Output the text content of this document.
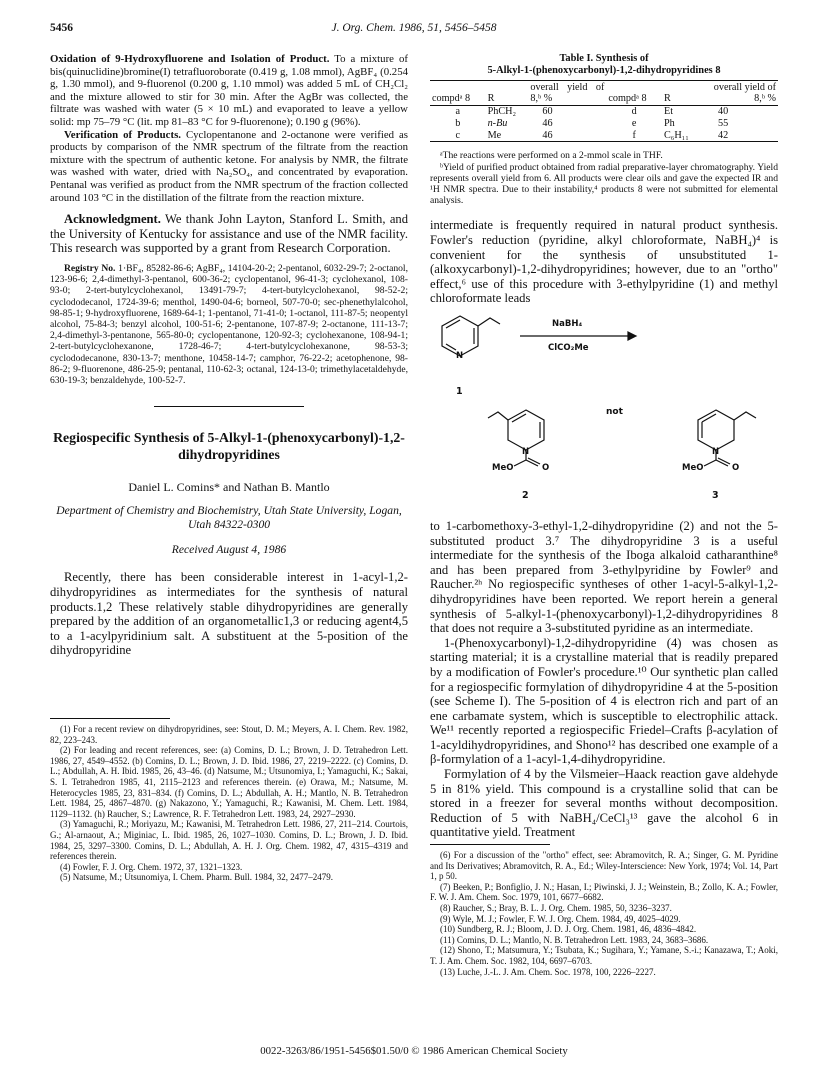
5456	J. Org. Chem. 1986, 51, 5456–5458

Oxidation of 9-Hydroxyfluorene and Isolation of Product. To a mixture of bis(quinuclidine)bromine(I) tetrafluoroborate (0.419 g, 1.08 mmol), AgBF₄ (0.254 g, 1.30 mmol), and 9-fluorenol (0.200 g, 1.10 mmol) was added 5 mL of CH₂Cl₂ and the mixture allowed to stir for 30 min. After the AgBr was collected, the filtrate was washed with water (5 × 10 mL) and evaporated to leave a yellow solid: mp 75–79 °C (lit. mp 81–83 °C for 9-fluorenone); 0.190 g (96%).

Verification of Products. Cyclopentanone and 2-octanone were verified as products by comparison of the NMR spectrum of the filtrate from the reaction mixture with the spectrum of authentic ketone. For analysis by NMR, the filtrate was washed with water, dried with Na₂SO₄, and concentrated by evaporation. Pentanal was verified as product from the NMR spectrum of the fraction collected around 103 °C in the distillation of the filtrate from the reaction mixture.

Acknowledgment. We thank John Layton, Stanford L. Smith, and the University of Kentucky for assistance and use of the NMR facility. This research was supported by a grant from Research Corporation.

Registry No. 1·BF₄, 85282-86-6; AgBF₄, 14104-20-2; 2-pentanol, 6032-29-7; 2-octanol, 123-96-6; 2,4-dimethyl-3-pentanol, 600-36-2; cyclopentanol, 96-41-3; cyclohexanol, 108-93-0; 2-tert-butylcyclohexanol, 13491-79-7; 4-tert-butylcyclohexanol, 98-52-2; cyclododecanol, 1724-39-6; menthol, 1490-04-6; borneol, 507-70-0; sec-phenethylalcohol, 98-85-1; 9-hydroxyfluorene, 1689-64-1; 1-pentanol, 71-41-0; 1-octanol, 111-87-5; neopentyl alcohol, 75-84-3; benzyl alcohol, 100-51-6; 2-pentanone, 107-87-9; 2-octanone, 111-13-7; 2,4-dimethyl-3-pentanone, 565-80-0; cyclopentanone, 120-92-3; cyclohexanone, 108-94-1; 2-tert-butylcyclohexanone, 1728-46-7; 4-tert-butylcyclohexanone, 98-53-3; cyclododecanone, 830-13-7; menthone, 10458-14-7; camphor, 76-22-2; acetophenone, 98-86-2; 9-fluorenone, 486-25-9; pentanal, 110-62-3; octanal, 124-13-0; trimethylacetaldehyde, 630-19-3; benzaldehyde, 100-52-7.

Regiospecific Synthesis of 5-Alkyl-1-(phenoxycarbonyl)-1,2-dihydropyridines
Daniel L. Comins* and Nathan B. Mantlo
Department of Chemistry and Biochemistry, Utah State University, Logan, Utah 84322-0300
Received August 4, 1986

Recently, there has been considerable interest in 1-acyl-1,2-dihydropyridines as intermediates for the synthesis of natural products.1,2 These relatively stable dihydropyridines are generally prepared by the addition of an organometallic1,3 or reducing agent4,5 to a 1-acylpyridinium salt. A substituent at the 5-position of the dihydropyridine

(1) For a recent review on dihydropyridines, see: Stout, D. M.; Meyers, A. I. Chem. Rev. 1982, 82, 223–243.

(2) For leading and recent references, see: (a) Comins, D. L.; Brown, J. D. Tetrahedron Lett. 1986, 27, 4549–4552. (b) Comins, D. L.; Brown, J. D. Ibid. 1986, 27, 2219–2222. (c) Comins, D. L.; Abdullah, A. H. Ibid. 1985, 26, 43–46. (d) Natsume, M.; Utsunomiya, I.; Yamaguchi, K.; Sakai, S. I. Tetrahedron 1985, 41, 2115–2123 and references therein. (e) Orawa, M.; Natsume, M. Heterocycles 1985, 23, 831–834. (f) Comins, D. L.; Abdullah, A. H.; Mantlo, N. B. Tetrahedron Lett. 1984, 25, 4867–4870. (g) Nakazono, Y.; Yamaguchi, R.; Kawanisi, M. Chem. Lett. 1984, 1129–1132. (h) Raucher, S.; Lawrence, R. F. Tetrahedron Lett. 1983, 24, 2927–2930.

(3) Yamaguchi, R.; Moriyazu, M.; Kawanisi, M. Tetrahedron Lett. 1986, 27, 211–214. Courtois, G.; Al-arnaout, A.; Miginiac, L. Ibid. 1985, 26, 1027–1030. Comins, D. L.; Brown, J. D. Ibid. 1984, 25, 3297–3300. Comins, D. L.; Abdullah, A. H. J. Org. Chem. 1982, 47, 4315–4319 and references therein.

(4) Fowler, F. J. Org. Chem. 1972, 37, 1321–1323.

(5) Natsume, M.; Utsunomiya, I. Chem. Pharm. Bull. 1984, 32, 2477–2479.

Table I. Synthesis of
5-Alkyl-1-(phenoxycarbonyl)-1,2-dihydropyridines 8
compdᵃ 8	R	overall yield of 8,ᵇ %	compdᵃ 8	R	overall yield of 8,ᵇ %
a	PhCH₂	60	d	Et	40
b	n-Bu	46	e	Ph	55
c	Me	46	f	C₆H₁₁	42

ᵃThe reactions were performed on a 2-mmol scale in THF.

ᵇYield of purified product obtained from radial preparative-layer chromatography. Yield represents overall yield from 6. All products were clear oils and gave the expected IR and ¹H NMR spectra. Due to their instability,⁴ products 8 were not submitted for elemental analysis.

intermediate is frequently required in natural product synthesis. Fowler's reduction (pyridine, alkyl chloroformate, NaBH₄)⁴ is convenient for the synthesis of unsubstituted 1-(alkoxycarbonyl)-1,2-dihydropyridines; however, due to an "ortho" effect,⁶ use of this procedure with 3-ethylpyridine (1) and methyl chloroformate leads

N
NaBH₄
ClCO₂Me
1
N
MeO	O
not
N
MeO	O
2	3

to 1-carbomethoxy-3-ethyl-1,2-dihydropyridine (2) and not the 5-substituted product 3.⁷ The dihydropyridine 3 is a useful intermediate for the synthesis of the Iboga alkaloid catharanthine⁸ and has been prepared from 3-ethylpyridine by Fowler⁹ and Raucher.²ʰ No regiospecific syntheses of other 1-acyl-5-alkyl-1,2-dihydropyridines have been reported. We report herein a general synthesis of 5-alkyl-1-(phenoxycarbonyl)-1,2-dihydropyridines 8 that does not require a 3-substituted pyridine as an intermediate.

1-(Phenoxycarbonyl)-1,2-dihydropyridine (4) was chosen as starting material; it is a crystalline material that is readily prepared by a modification of Fowler's procedure.¹⁰ Our synthetic plan called for a regiospecific formylation of dihydropyridine 4 at the 5-position (see Scheme I). The 5-position of 4 is electron rich and part of an ene carbamate system, which is susceptible to electrophilic attack. We¹¹ recently reported a regiospecific Friedel–Crafts β-acylation of 1-acyldihydropyridines, and Shono¹² has described one example of a β-formylation of a 1-acyl-1,4-dihydropyridine.

Formylation of 4 by the Vilsmeier–Haack reaction gave aldehyde 5 in 81% yield. This compound is a crystalline solid that can be stored in a freezer for several months without decomposition. Reduction of 5 with NaBH₄/CeCl₃¹³ gave the alcohol 6 in quantitative yield. Treatment

(6) For a discussion of the "ortho" effect, see: Abramovitch, R. A.; Singer, G. M. Pyridine and Its Derivatives; Abramovitch, R. A., Ed.; Wiley-Interscience: New York, 1974; Vol. 14, Part 1, p 50.

(7) Beeken, P.; Bonfiglio, J. N.; Hasan, I.; Piwinski, J. J.; Weinstein, B.; Zollo, K. A.; Fowler, F. W. J. Am. Chem. Soc. 1979, 101, 6677–6682.

(8) Raucher, S.; Bray, B. L. J. Org. Chem. 1985, 50, 3236–3237.

(9) Wyle, M. J.; Fowler, F. W. J. Org. Chem. 1984, 49, 4025–4029.

(10) Sundberg, R. J.; Bloom, J. D. J. Org. Chem. 1981, 46, 4836–4842.

(11) Comins, D. L.; Mantlo, N. B. Tetrahedron Lett. 1983, 24, 3683–3686.

(12) Shono, T.; Matsumura, Y.; Tsubata, K.; Sugihara, Y.; Yamane, S.-i.; Kanazawa, T.; Aoki, T. J. Am. Chem. Soc. 1982, 104, 6697–6703.

(13) Luche, J.-L. J. Am. Chem. Soc. 1978, 100, 2226–2227.

0022-3263/86/1951-5456$01.50/0 © 1986 American Chemical Society
